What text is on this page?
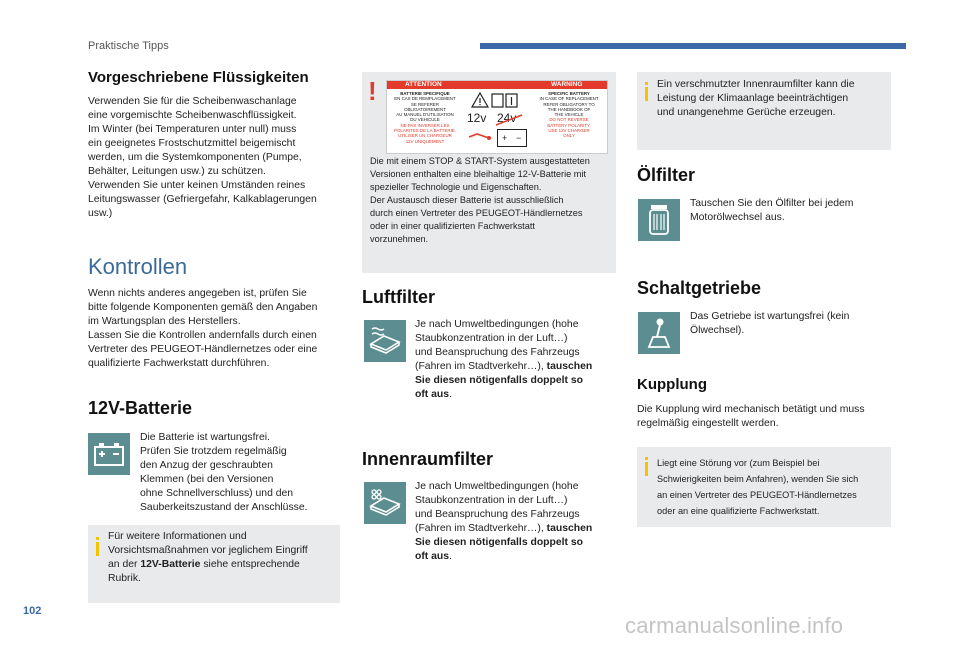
Praktische Tipps
Vorgeschriebene Flüssigkeiten
Verwenden Sie für die Scheibenwaschanlage
eine vorgemischte Scheibenwaschflüssigkeit.
Im Winter (bei Temperaturen unter null) muss
ein geeignetes Frostschutzmittel beigemischt
werden, um die Systemkomponenten (Pumpe,
Behälter, Leitungen usw.) zu schützen.
Verwenden Sie unter keinen Umständen reines
Leitungswasser (Gefriergefahr, Kalkablagerungen
usw.)
Kontrollen
Wenn nichts anderes angegeben ist, prüfen Sie
bitte folgende Komponenten gemäß den Angaben
im Wartungsplan des Herstellers.
Lassen Sie die Kontrollen andernfalls durch einen
Vertreter des PEUGEOT-Händlernetzes oder eine
qualifizierte Fachwerkstatt durchführen.
12V-Batterie
Die Batterie ist wartungsfrei.
Prüfen Sie trotzdem regelmäßig
den Anzug der geschraubten
Klemmen (bei den Versionen
ohne Schnellverschluss) und den
Sauberkeitszustand der Anschlüsse.
Für weitere Informationen und
Vorsichtsmaßnahmen vor jeglichem Eingriff
an der 12V-Batterie siehe entsprechende
Rubrik.
!	ATTENTION	WARNING
BATTERIE SPECIFIQUE
EN CAS DE REMPLACEMENT
SE REFERER OBLIGATOIREMENT
AU MANUEL D'UTILISATION
DU VEHICULE
NE PAS INVERSER LES
POLARITES DE LA BATTERIE.
UTILISER UN CHARGEUR
12V UNIQUEMENT
SPECIFIC BATTERY
IN CASE OF REPLACEMENT
REFER OBLIGATORY TO
THE HANDBOOK OF
THE VEHICLE
DO NOT REVERSE
BATTERY POLARITY.
USE 12V CHARGER
ONLY
12v 24v
+ −
Die mit einem STOP & START-System ausgestatteten
Versionen enthalten eine bleihaltige 12-V-Batterie mit
spezieller Technologie und Eigenschaften.
Der Austausch dieser Batterie ist ausschließlich
durch einen Vertreter des PEUGEOT-Händlernetzes
oder in einer qualifizierten Fachwerkstatt
vorzunehmen.
Luftfilter
Je nach Umweltbedingungen (hohe
Staubkonzentration in der Luft…)
und Beanspruchung des Fahrzeugs
(Fahren im Stadtverkehr…), tauschen
Sie diesen nötigenfalls doppelt so
oft aus.
Innenraumfilter
Je nach Umweltbedingungen (hohe
Staubkonzentration in der Luft…)
und Beanspruchung des Fahrzeugs
(Fahren im Stadtverkehr…), tauschen
Sie diesen nötigenfalls doppelt so
oft aus.
Ein verschmutzter Innenraumfilter kann die
Leistung der Klimaanlage beeinträchtigen
und unangenehme Gerüche erzeugen.
Ölfilter
Tauschen Sie den Ölfilter bei jedem
Motorölwechsel aus.
Schaltgetriebe
Das Getriebe ist wartungsfrei (kein
Ölwechsel).
Kupplung
Die Kupplung wird mechanisch betätigt und muss
regelmäßig eingestellt werden.
Liegt eine Störung vor (zum Beispiel bei
Schwierigkeiten beim Anfahren), wenden Sie sich
an einen Vertreter des PEUGEOT-Händlernetzes
oder an eine qualifizierte Fachwerkstatt.
102
carmanualsonline.info
